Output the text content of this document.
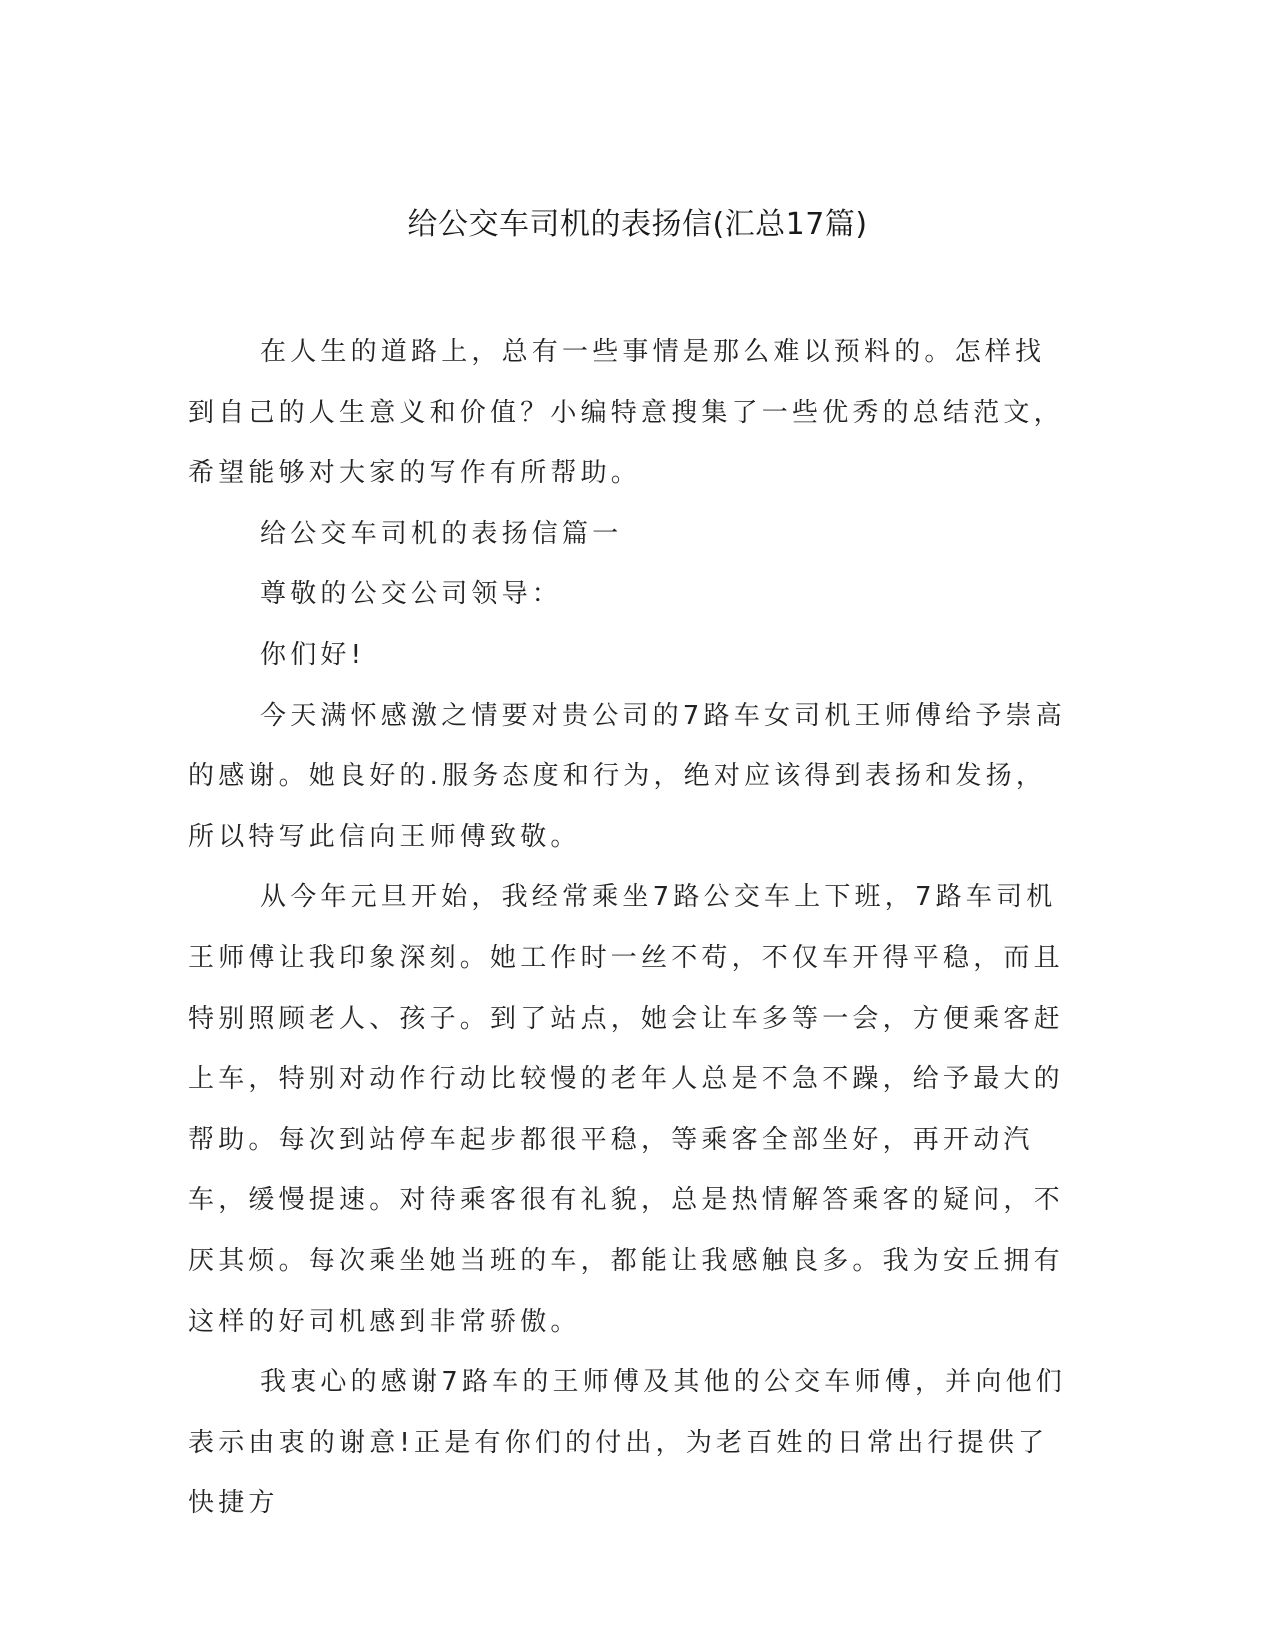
给公交车司机的表扬信(汇总17篇)

在人生的道路上，总有一些事情是那么难以预料的。怎样找到自己的人生意义和价值？小编特意搜集了一些优秀的总结范文，希望能够对大家的写作有所帮助。

给公交车司机的表扬信篇一

尊敬的公交公司领导：

你们好!

今天满怀感激之情要对贵公司的7路车女司机王师傅给予崇高的感谢。她良好的.服务态度和行为，绝对应该得到表扬和发扬，所以特写此信向王师傅致敬。

从今年元旦开始，我经常乘坐7路公交车上下班，7路车司机王师傅让我印象深刻。她工作时一丝不苟，不仅车开得平稳，而且特别照顾老人、孩子。到了站点，她会让车多等一会，方便乘客赶上车，特别对动作行动比较慢的老年人总是不急不躁，给予最大的帮助。每次到站停车起步都很平稳，等乘客全部坐好，再开动汽车，缓慢提速。对待乘客很有礼貌，总是热情解答乘客的疑问，不厌其烦。每次乘坐她当班的车，都能让我感触良多。我为安丘拥有这样的好司机感到非常骄傲。

我衷心的感谢7路车的王师傅及其他的公交车师傅，并向他们表示由衷的谢意!正是有你们的付出，为老百姓的日常出行提供了快捷方
